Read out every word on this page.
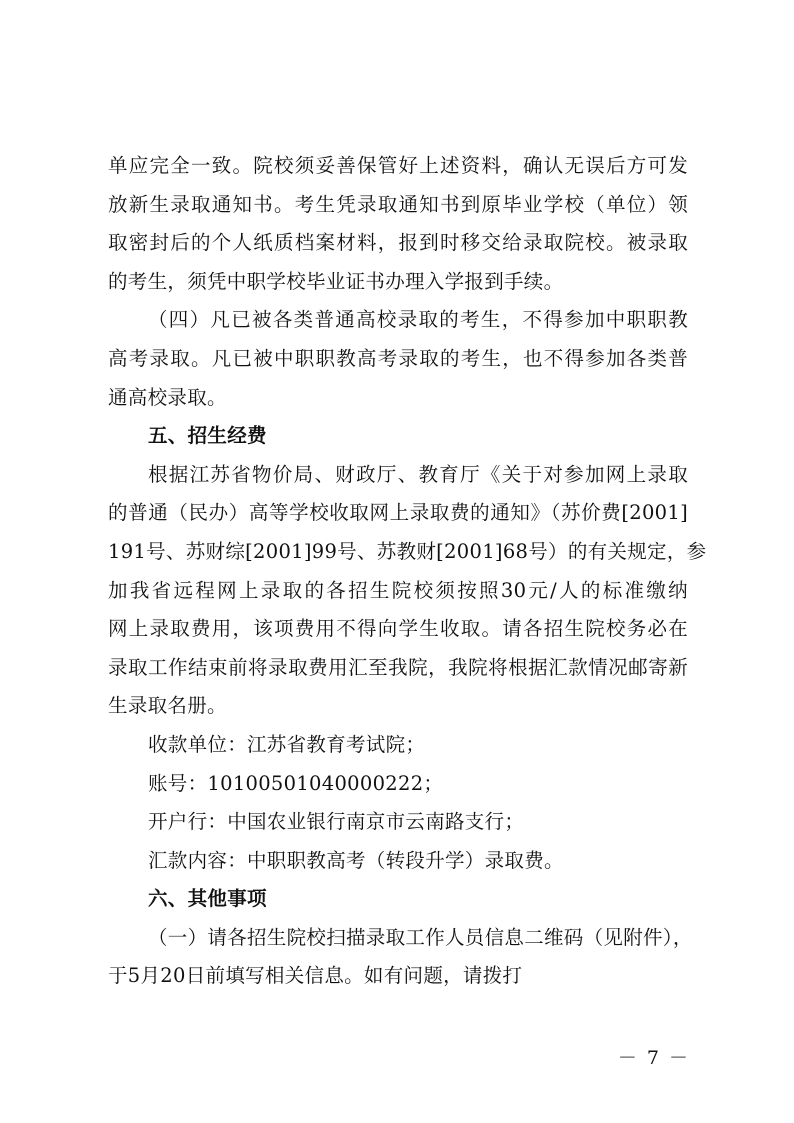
单应完全一致。院校须妥善保管好上述资料，确认无误后方可发
放新生录取通知书。考生凭录取通知书到原毕业学校（单位）领
取密封后的个人纸质档案材料，报到时移交给录取院校。被录取
的考生，须凭中职学校毕业证书办理入学报到手续。
（四）凡已被各类普通高校录取的考生，不得参加中职职教
高考录取。凡已被中职职教高考录取的考生，也不得参加各类普
通高校录取。
五、招生经费
根据江苏省物价局、财政厅、教育厅《关于对参加网上录取
的普通（民办）高等学校收取网上录取费的通知》（苏价费[2001]
191号、苏财综[2001]99号、苏教财[2001]68号）的有关规定，参
加我省远程网上录取的各招生院校须按照30元/人的标准缴纳
网上录取费用，该项费用不得向学生收取。请各招生院校务必在
录取工作结束前将录取费用汇至我院，我院将根据汇款情况邮寄新
生录取名册。
收款单位：江苏省教育考试院；
账号：10100501040000222；
开户行：中国农业银行南京市云南路支行；
汇款内容：中职职教高考（转段升学）录取费。
六、其他事项
（一）请各招生院校扫描录取工作人员信息二维码（见附件），
于5月20日前填写相关信息。如有问题，请拨打
－ 7 －
